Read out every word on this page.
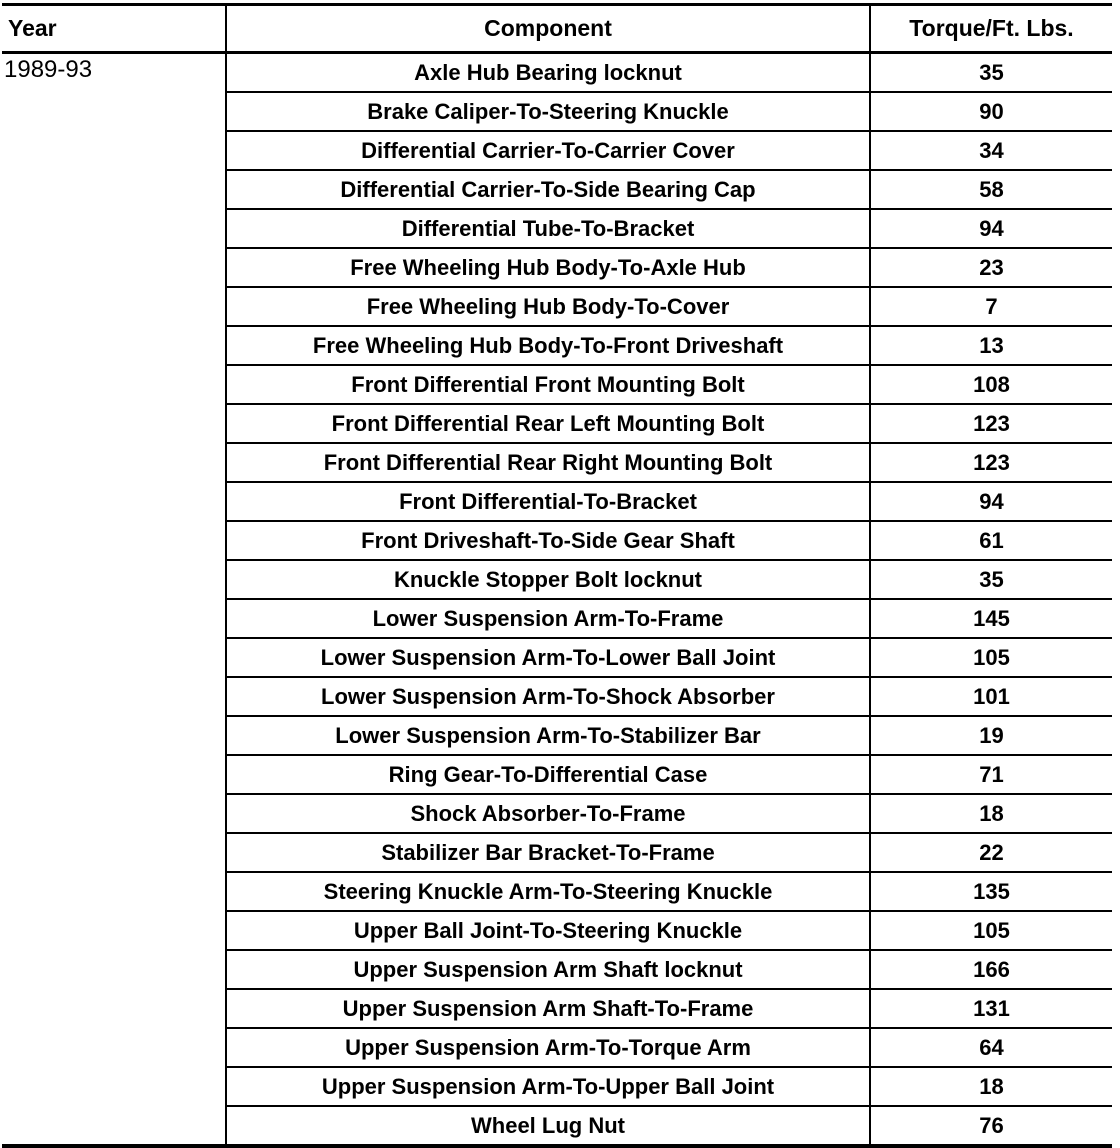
Year	Component	Torque/Ft. Lbs.
1989-93	Axle Hub Bearing locknut	35
	Brake Caliper-To-Steering Knuckle	90
	Differential Carrier-To-Carrier Cover	34
	Differential Carrier-To-Side Bearing Cap	58
	Differential Tube-To-Bracket	94
	Free Wheeling Hub Body-To-Axle Hub	23
	Free Wheeling Hub Body-To-Cover	7
	Free Wheeling Hub Body-To-Front Driveshaft	13
	Front Differential Front Mounting Bolt	108
	Front Differential Rear Left Mounting Bolt	123
	Front Differential Rear Right Mounting Bolt	123
	Front Differential-To-Bracket	94
	Front Driveshaft-To-Side Gear Shaft	61
	Knuckle Stopper Bolt locknut	35
	Lower Suspension Arm-To-Frame	145
	Lower Suspension Arm-To-Lower Ball Joint	105
	Lower Suspension Arm-To-Shock Absorber	101
	Lower Suspension Arm-To-Stabilizer Bar	19
	Ring Gear-To-Differential Case	71
	Shock Absorber-To-Frame	18
	Stabilizer Bar Bracket-To-Frame	22
	Steering Knuckle Arm-To-Steering Knuckle	135
	Upper Ball Joint-To-Steering Knuckle	105
	Upper Suspension Arm Shaft locknut	166
	Upper Suspension Arm Shaft-To-Frame	131
	Upper Suspension Arm-To-Torque Arm	64
	Upper Suspension Arm-To-Upper Ball Joint	18
	Wheel Lug Nut	76
